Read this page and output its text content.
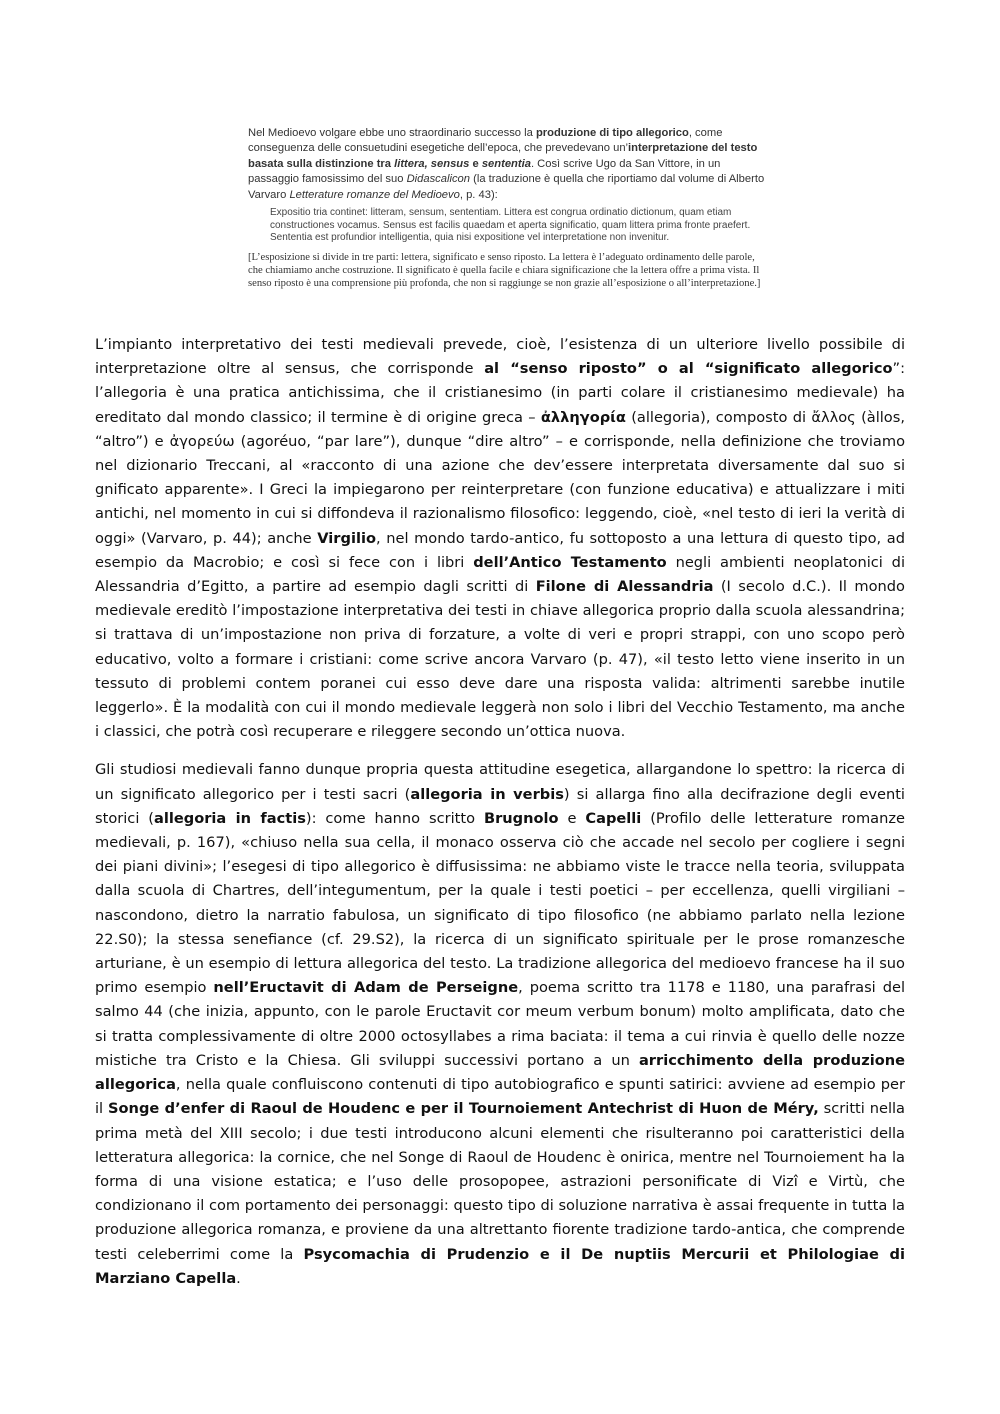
Nel Medioevo volgare ebbe uno straordinario successo la produzione di tipo allegorico, come conseguenza delle consuetudini esegetiche dell’epoca, che prevedevano un’interpretazione del testo basata sulla distinzione tra littera, sensus e sententia. Così scrive Ugo da San Vittore, in un passaggio famosissimo del suo Didascalicon (la traduzione è quella che riportiamo dal volume di Alberto Varvaro Letterature romanze del Medioevo, p. 43):

Expositio tria continet: litteram, sensum, sententiam. Littera est congrua ordinatio dictionum, quam etiam constructiones vocamus. Sensus est facilis quaedam et aperta significatio, quam littera prima fronte praefert. Sententia est profundior intelligentia, quia nisi expositione vel interpretatione non invenitur.

[L’esposizione si divide in tre parti: lettera, significato e senso riposto. La lettera è l’adeguato ordinamento delle parole, che chiamiamo anche costruzione. Il significato è quella facile e chiara significazione che la lettera offre a prima vista. Il senso riposto è una comprensione più profonda, che non si raggiunge se non grazie all’esposizione o all’interpretazione.]

L’impianto interpretativo dei testi medievali prevede, cioè, l’esistenza di un ulteriore livello possibile di interpretazione oltre al sensus, che corrisponde al “senso riposto” o al “significato allegorico”: l’allegoria è una pratica antichissima, che il cristianesimo (in parti colare il cristianesimo medievale) ha ereditato dal mondo classico; il termine è di origine greca – ἀλληγορία (allegoria), composto di ἄλλος (àllos, “altro”) e ἀγορεύω (agoréuo, “par lare”), dunque “dire altro” – e corrisponde, nella definizione che troviamo nel dizionario Treccani, al «racconto di una azione che dev’essere interpretata diversamente dal suo si gnificato apparente». I Greci la impiegarono per reinterpretare (con funzione educativa) e attualizzare i miti antichi, nel momento in cui si diffondeva il razionalismo filosofico: leggendo, cioè, «nel testo di ieri la verità di oggi» (Varvaro, p. 44); anche Virgilio, nel mondo tardo-antico, fu sottoposto a una lettura di questo tipo, ad esempio da Macrobio; e così si fece con i libri dell’Antico Testamento negli ambienti neoplatonici di Alessandria d’Egitto, a partire ad esempio dagli scritti di Filone di Alessandria (I secolo d.C.). Il mondo medievale ereditò l’impostazione interpretativa dei testi in chiave allegorica proprio dalla scuola alessandrina; si trattava di un’impostazione non priva di forzature, a volte di veri e propri strappi, con uno scopo però educativo, volto a formare i cristiani: come scrive ancora Varvaro (p. 47), «il testo letto viene inserito in un tessuto di problemi contem poranei cui esso deve dare una risposta valida: altrimenti sarebbe inutile leggerlo». È la modalità con cui il mondo medievale leggerà non solo i libri del Vecchio Testamento, ma anche i classici, che potrà così recuperare e rileggere secondo un’ottica nuova.

Gli studiosi medievali fanno dunque propria questa attitudine esegetica, allargandone lo spettro: la ricerca di un significato allegorico per i testi sacri (allegoria in verbis) si allarga fino alla decifrazione degli eventi storici (allegoria in factis): come hanno scritto Brugnolo e Capelli (Profilo delle letterature romanze medievali, p. 167), «chiuso nella sua cella, il monaco osserva ciò che accade nel secolo per cogliere i segni dei piani divini»; l’esegesi di tipo allegorico è diffusissima: ne abbiamo viste le tracce nella teoria, sviluppata dalla scuola di Chartres, dell’integumentum, per la quale i testi poetici – per eccellenza, quelli virgiliani – nascondono, dietro la narratio fabulosa, un significato di tipo filosofico (ne abbiamo parlato nella lezione 22.S0); la stessa senefiance (cf. 29.S2), la ricerca di un significato spirituale per le prose romanzesche arturiane, è un esempio di lettura allegorica del testo. La tradizione allegorica del medioevo francese ha il suo primo esempio nell’Eructavit di Adam de Perseigne, poema scritto tra 1178 e 1180, una parafrasi del salmo 44 (che inizia, appunto, con le parole Eructavit cor meum verbum bonum) molto amplificata, dato che si tratta complessivamente di oltre 2000 octosyllabes a rima baciata: il tema a cui rinvia è quello delle nozze mistiche tra Cristo e la Chiesa. Gli sviluppi successivi portano a un arricchimento della produzione allegorica, nella quale confluiscono contenuti di tipo autobiografico e spunti satirici: avviene ad esempio per il Songe d’enfer di Raoul de Houdenc e per il Tournoiement Antechrist di Huon de Méry, scritti nella prima metà del XIII secolo; i due testi introducono alcuni elementi che risulteranno poi caratteristici della letteratura allegorica: la cornice, che nel Songe di Raoul de Houdenc è onirica, mentre nel Tournoiement ha la forma di una visione estatica; e l’uso delle prosopopee, astrazioni personificate di Vizî e Virtù, che condizionano il com portamento dei personaggi: questo tipo di soluzione narrativa è assai frequente in tutta la produzione allegorica romanza, e proviene da una altrettanto fiorente tradizione tardo-antica, che comprende testi celeberrimi come la Psycomachia di Prudenzio e il De nuptiis Mercurii et Philologiae di Marziano Capella.
